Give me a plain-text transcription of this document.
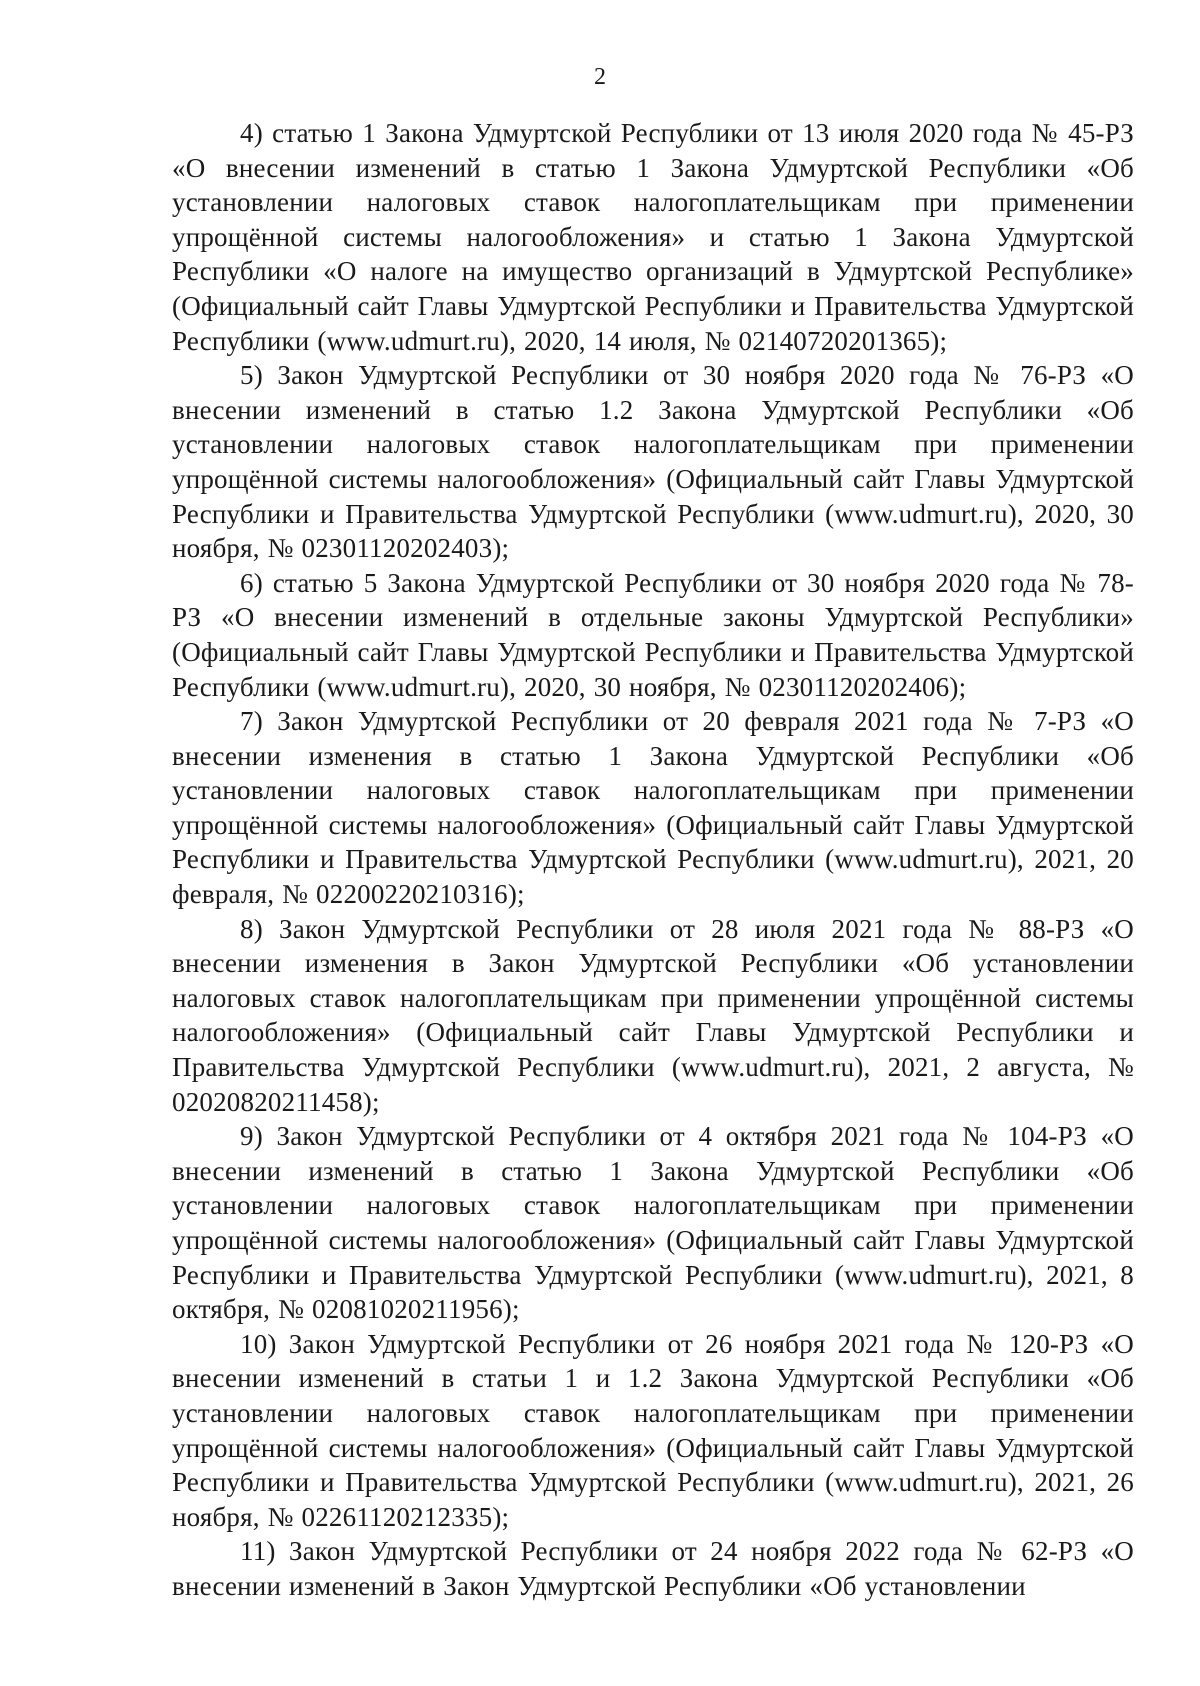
2

4) статью 1 Закона Удмуртской Республики от 13 июля 2020 года № 45-РЗ «О внесении изменений в статью 1 Закона Удмуртской Республики «Об установлении налоговых ставок налогоплательщикам при применении упрощённой системы налогообложения» и статью 1 Закона Удмуртской Республики «О налоге на имущество организаций в Удмуртской Республике» (Официальный сайт Главы Удмуртской Республики и Правительства Удмуртской Республики (www.udmurt.ru), 2020, 14 июля, № 02140720201365);

5) Закон Удмуртской Республики от 30 ноября 2020 года № 76-РЗ «О внесении изменений в статью 1.2 Закона Удмуртской Республики «Об установлении налоговых ставок налогоплательщикам при применении упрощённой системы налогообложения» (Официальный сайт Главы Удмуртской Республики и Правительства Удмуртской Республики (www.udmurt.ru), 2020, 30 ноября, № 02301120202403);

6) статью 5 Закона Удмуртской Республики от 30 ноября 2020 года № 78-РЗ «О внесении изменений в отдельные законы Удмуртской Республики» (Официальный сайт Главы Удмуртской Республики и Правительства Удмуртской Республики (www.udmurt.ru), 2020, 30 ноября, № 02301120202406);

7) Закон Удмуртской Республики от 20 февраля 2021 года № 7-РЗ «О внесении изменения в статью 1 Закона Удмуртской Республики «Об установлении налоговых ставок налогоплательщикам при применении упрощённой системы налогообложения» (Официальный сайт Главы Удмуртской Республики и Правительства Удмуртской Республики (www.udmurt.ru), 2021, 20 февраля, № 02200220210316);

8) Закон Удмуртской Республики от 28 июля 2021 года № 88-РЗ «О внесении изменения в Закон Удмуртской Республики «Об установлении налоговых ставок налогоплательщикам при применении упрощённой системы налогообложения» (Официальный сайт Главы Удмуртской Республики и Правительства Удмуртской Республики (www.udmurt.ru), 2021, 2 августа, № 02020820211458);

9) Закон Удмуртской Республики от 4 октября 2021 года № 104-РЗ «О внесении изменений в статью 1 Закона Удмуртской Республики «Об установлении налоговых ставок налогоплательщикам при применении упрощённой системы налогообложения» (Официальный сайт Главы Удмуртской Республики и Правительства Удмуртской Республики (www.udmurt.ru), 2021, 8 октября, № 02081020211956);

10) Закон Удмуртской Республики от 26 ноября 2021 года № 120-РЗ «О внесении изменений в статьи 1 и 1.2 Закона Удмуртской Республики «Об установлении налоговых ставок налогоплательщикам при применении упрощённой системы налогообложения» (Официальный сайт Главы Удмуртской Республики и Правительства Удмуртской Республики (www.udmurt.ru), 2021, 26 ноября, № 02261120212335);

11) Закон Удмуртской Республики от 24 ноября 2022 года № 62-РЗ «О внесении изменений в Закон Удмуртской Республики «Об установлении
